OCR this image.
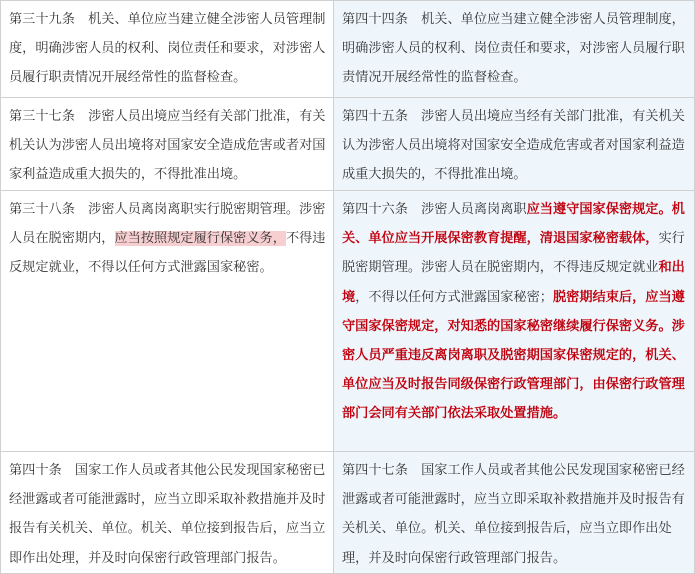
第三十九条　机关、单位应当建立健全涉密人员管理制度，明确涉密人员的权利、岗位责任和要求，对涉密人员履行职责情况开展经常性的监督检查。	第四十四条　机关、单位应当建立健全涉密人员管理制度，明确涉密人员的权利、岗位责任和要求，对涉密人员履行职责情况开展经常性的监督检查。
第三十七条　涉密人员出境应当经有关部门批准，有关机关认为涉密人员出境将对国家安全造成危害或者对国家利益造成重大损失的，不得批准出境。	第四十五条　涉密人员出境应当经有关部门批准，有关机关认为涉密人员出境将对国家安全造成危害或者对国家利益造成重大损失的，不得批准出境。
第三十八条　涉密人员离岗离职实行脱密期管理。涉密人员在脱密期内，应当按照规定履行保密义务，不得违反规定就业，不得以任何方式泄露国家秘密。	第四十六条　涉密人员离岗离职应当遵守国家保密规定。机关、单位应当开展保密教育提醒，清退国家秘密载体，实行脱密期管理。涉密人员在脱密期内，不得违反规定就业和出境，不得以任何方式泄露国家秘密；脱密期结束后，应当遵守国家保密规定，对知悉的国家秘密继续履行保密义务。涉密人员严重违反离岗离职及脱密期国家保密规定的，机关、单位应当及时报告同级保密行政管理部门，由保密行政管理部门会同有关部门依法采取处置措施。
第四十条　国家工作人员或者其他公民发现国家秘密已经泄露或者可能泄露时，应当立即采取补救措施并及时报告有关机关、单位。机关、单位接到报告后，应当立即作出处理，并及时向保密行政管理部门报告。	第四十七条　国家工作人员或者其他公民发现国家秘密已经泄露或者可能泄露时，应当立即采取补救措施并及时报告有关机关、单位。机关、单位接到报告后，应当立即作出处理，并及时向保密行政管理部门报告。
